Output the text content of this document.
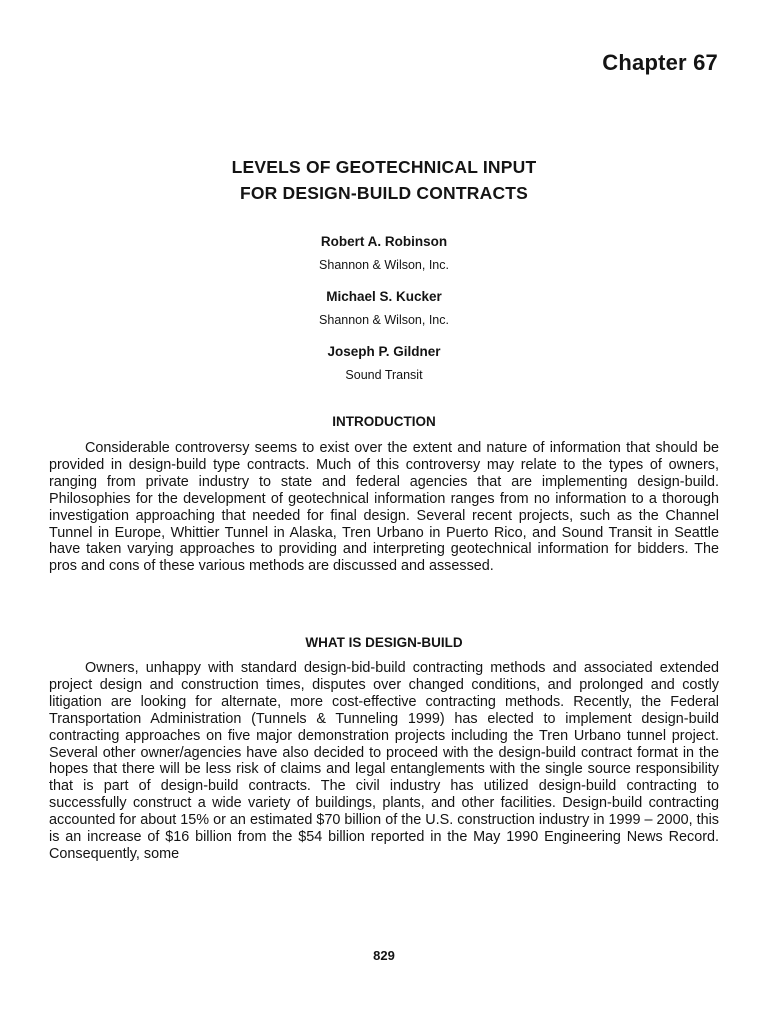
Chapter 67
LEVELS OF GEOTECHNICAL INPUT
FOR DESIGN-BUILD CONTRACTS
Robert A. Robinson
Shannon & Wilson, Inc.
Michael S. Kucker
Shannon & Wilson, Inc.
Joseph P. Gildner
Sound Transit
INTRODUCTION

Considerable controversy seems to exist over the extent and nature of information that should be provided in design-build type contracts. Much of this controversy may relate to the types of owners, ranging from private industry to state and federal agencies that are implementing design-build. Philosophies for the development of geotechnical information ranges from no information to a thorough investigation approaching that needed for final design. Several recent projects, such as the Channel Tunnel in Europe, Whittier Tunnel in Alaska, Tren Urbano in Puerto Rico, and Sound Transit in Seattle have taken varying approaches to providing and interpreting geotechnical information for bidders. The pros and cons of these various methods are discussed and assessed.

WHAT IS DESIGN-BUILD

Owners, unhappy with standard design-bid-build contracting methods and associated extended project design and construction times, disputes over changed conditions, and prolonged and costly litigation are looking for alternate, more cost-effective contracting methods. Recently, the Federal Transportation Administration (Tunnels & Tunneling 1999) has elected to implement design-build contracting approaches on five major demonstration projects including the Tren Urbano tunnel project. Several other owner/agencies have also decided to proceed with the design-build contract format in the hopes that there will be less risk of claims and legal entanglements with the single source responsibility that is part of design-build contracts. The civil industry has utilized design-build contracting to successfully construct a wide variety of buildings, plants, and other facilities. Design-build contracting accounted for about 15% or an estimated $70 billion of the U.S. construction industry in 1999 – 2000, this is an increase of $16 billion from the $54 billion reported in the May 1990 Engineering News Record. Consequently, some

829
